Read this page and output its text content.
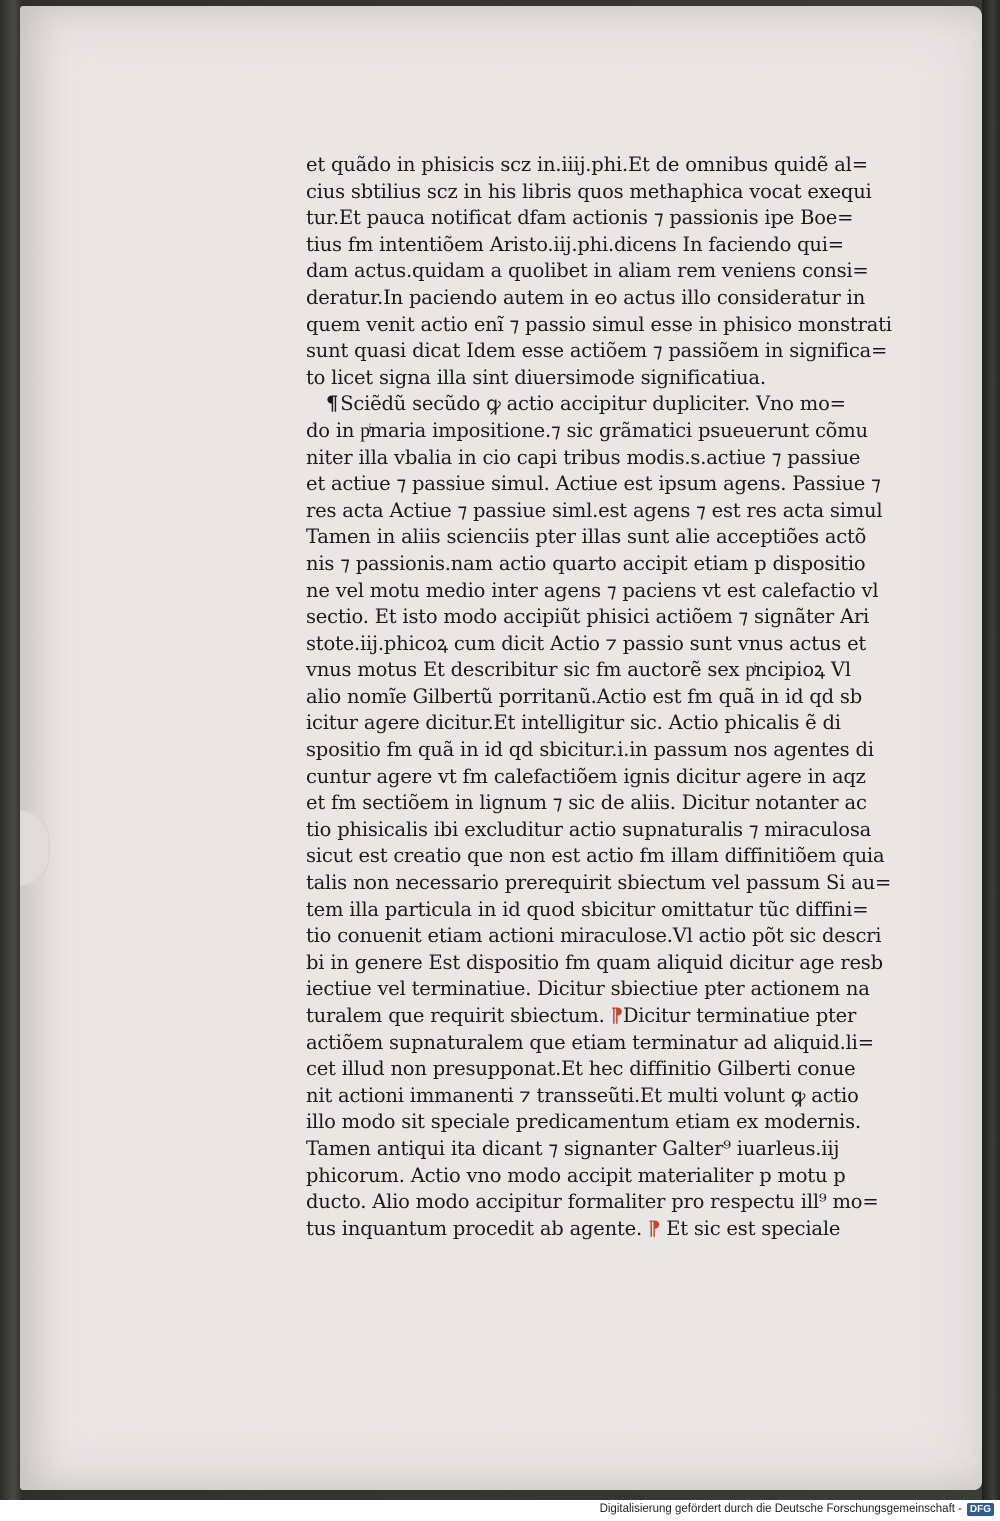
et quãdo in phisicis scz in.iiij.phi.Et de omnibus quidẽ al=
cius sbtilius scz in his libris quos methaphica vocat exequi
tur.Et pauca notificat dfam actionis ⁊ passionis ipe Boe=
tius fm intentiõem Aristo.iij.phi.dicens In faciendo qui=
dam actus.quidam a quolibet in aliam rem veniens consi=
deratur.In paciendo autem in eo actus illo consideratur in
quem venit actio enĩ ⁊ passio simul esse in phisico monstrati
sunt quasi dicat Idem esse actiõem ⁊ passiõem in significa=
to licet signa illa sint diuersimode significatiua.
¶ Sciẽdũ secũdo ꝙ actio accipitur dupliciter. Vno mo=
do in pͥmaria impositione.⁊ sic grãmatici psueuerunt cõmu
niter illa vbalia in cio capi tribus modis.s.actiue ⁊ passiue
et actiue ⁊ passiue simul. Actiue est ipsum agens. Passiue ⁊
res acta Actiue ⁊ passiue siml.est agens ⁊ est res acta simul
Tamen in aliis scienciis pter illas sunt alie acceptiões actõ
nis ⁊ passionis.nam actio quarto accipit etiam p dispositio
ne vel motu medio inter agens ⁊ paciens vt est calefactio vl
sectio. Et isto modo accipiũt phisici actiõem ⁊ signãter Ari
stote.iij.phicoꝝ cum dicit Actio ⁊ passio sunt vnus actus et
vnus motus Et describitur sic fm auctorẽ sex pͥncipioꝝ Vl
alio nomĩe Gilbertũ porritanũ.Actio est fm quã in id qd sb
icitur agere dicitur.Et intelligitur sic. Actio phicalis ẽ di
spositio fm quã in id qd sbicitur.i.in passum nos agentes di
cuntur agere vt fm calefactiõem ignis dicitur agere in aqz
et fm sectiõem in lignum ⁊ sic de aliis. Dicitur notanter ac
tio phisicalis ibi excluditur actio supnaturalis ⁊ miraculosa
sicut est creatio que non est actio fm illam diffinitiõem quia
talis non necessario prerequirit sbiectum vel passum Si au=
tem illa particula in id quod sbicitur omittatur tũc diffini=
tio conuenit etiam actioni miraculose.Vl actio põt sic descri
bi in genere Est dispositio fm quam aliquid dicitur age resb
iectiue vel terminatiue. Dicitur sbiectiue pter actionem na
turalem que requirit sbiectum. ⁋Dicitur terminatiue pter
actiõem supnaturalem que etiam terminatur ad aliquid.li=
cet illud non presupponat.Et hec diffinitio Gilberti conue
nit actioni immanenti ⁊ transseũti.Et multi volunt ꝙ actio
illo modo sit speciale predicamentum etiam ex modernis.
Tamen antiqui ita dicant ⁊ signanter Galter⁹ iuarleus.iij
phicorum. Actio vno modo accipit materialiter p motu p
ducto. Alio modo accipitur formaliter pro respectu ill⁹ mo=
tus inquantum procedit ab agente. ⁋ Et sic est speciale
Digitalisierung gefördert durch die Deutsche Forschungsgemeinschaft - DFG
